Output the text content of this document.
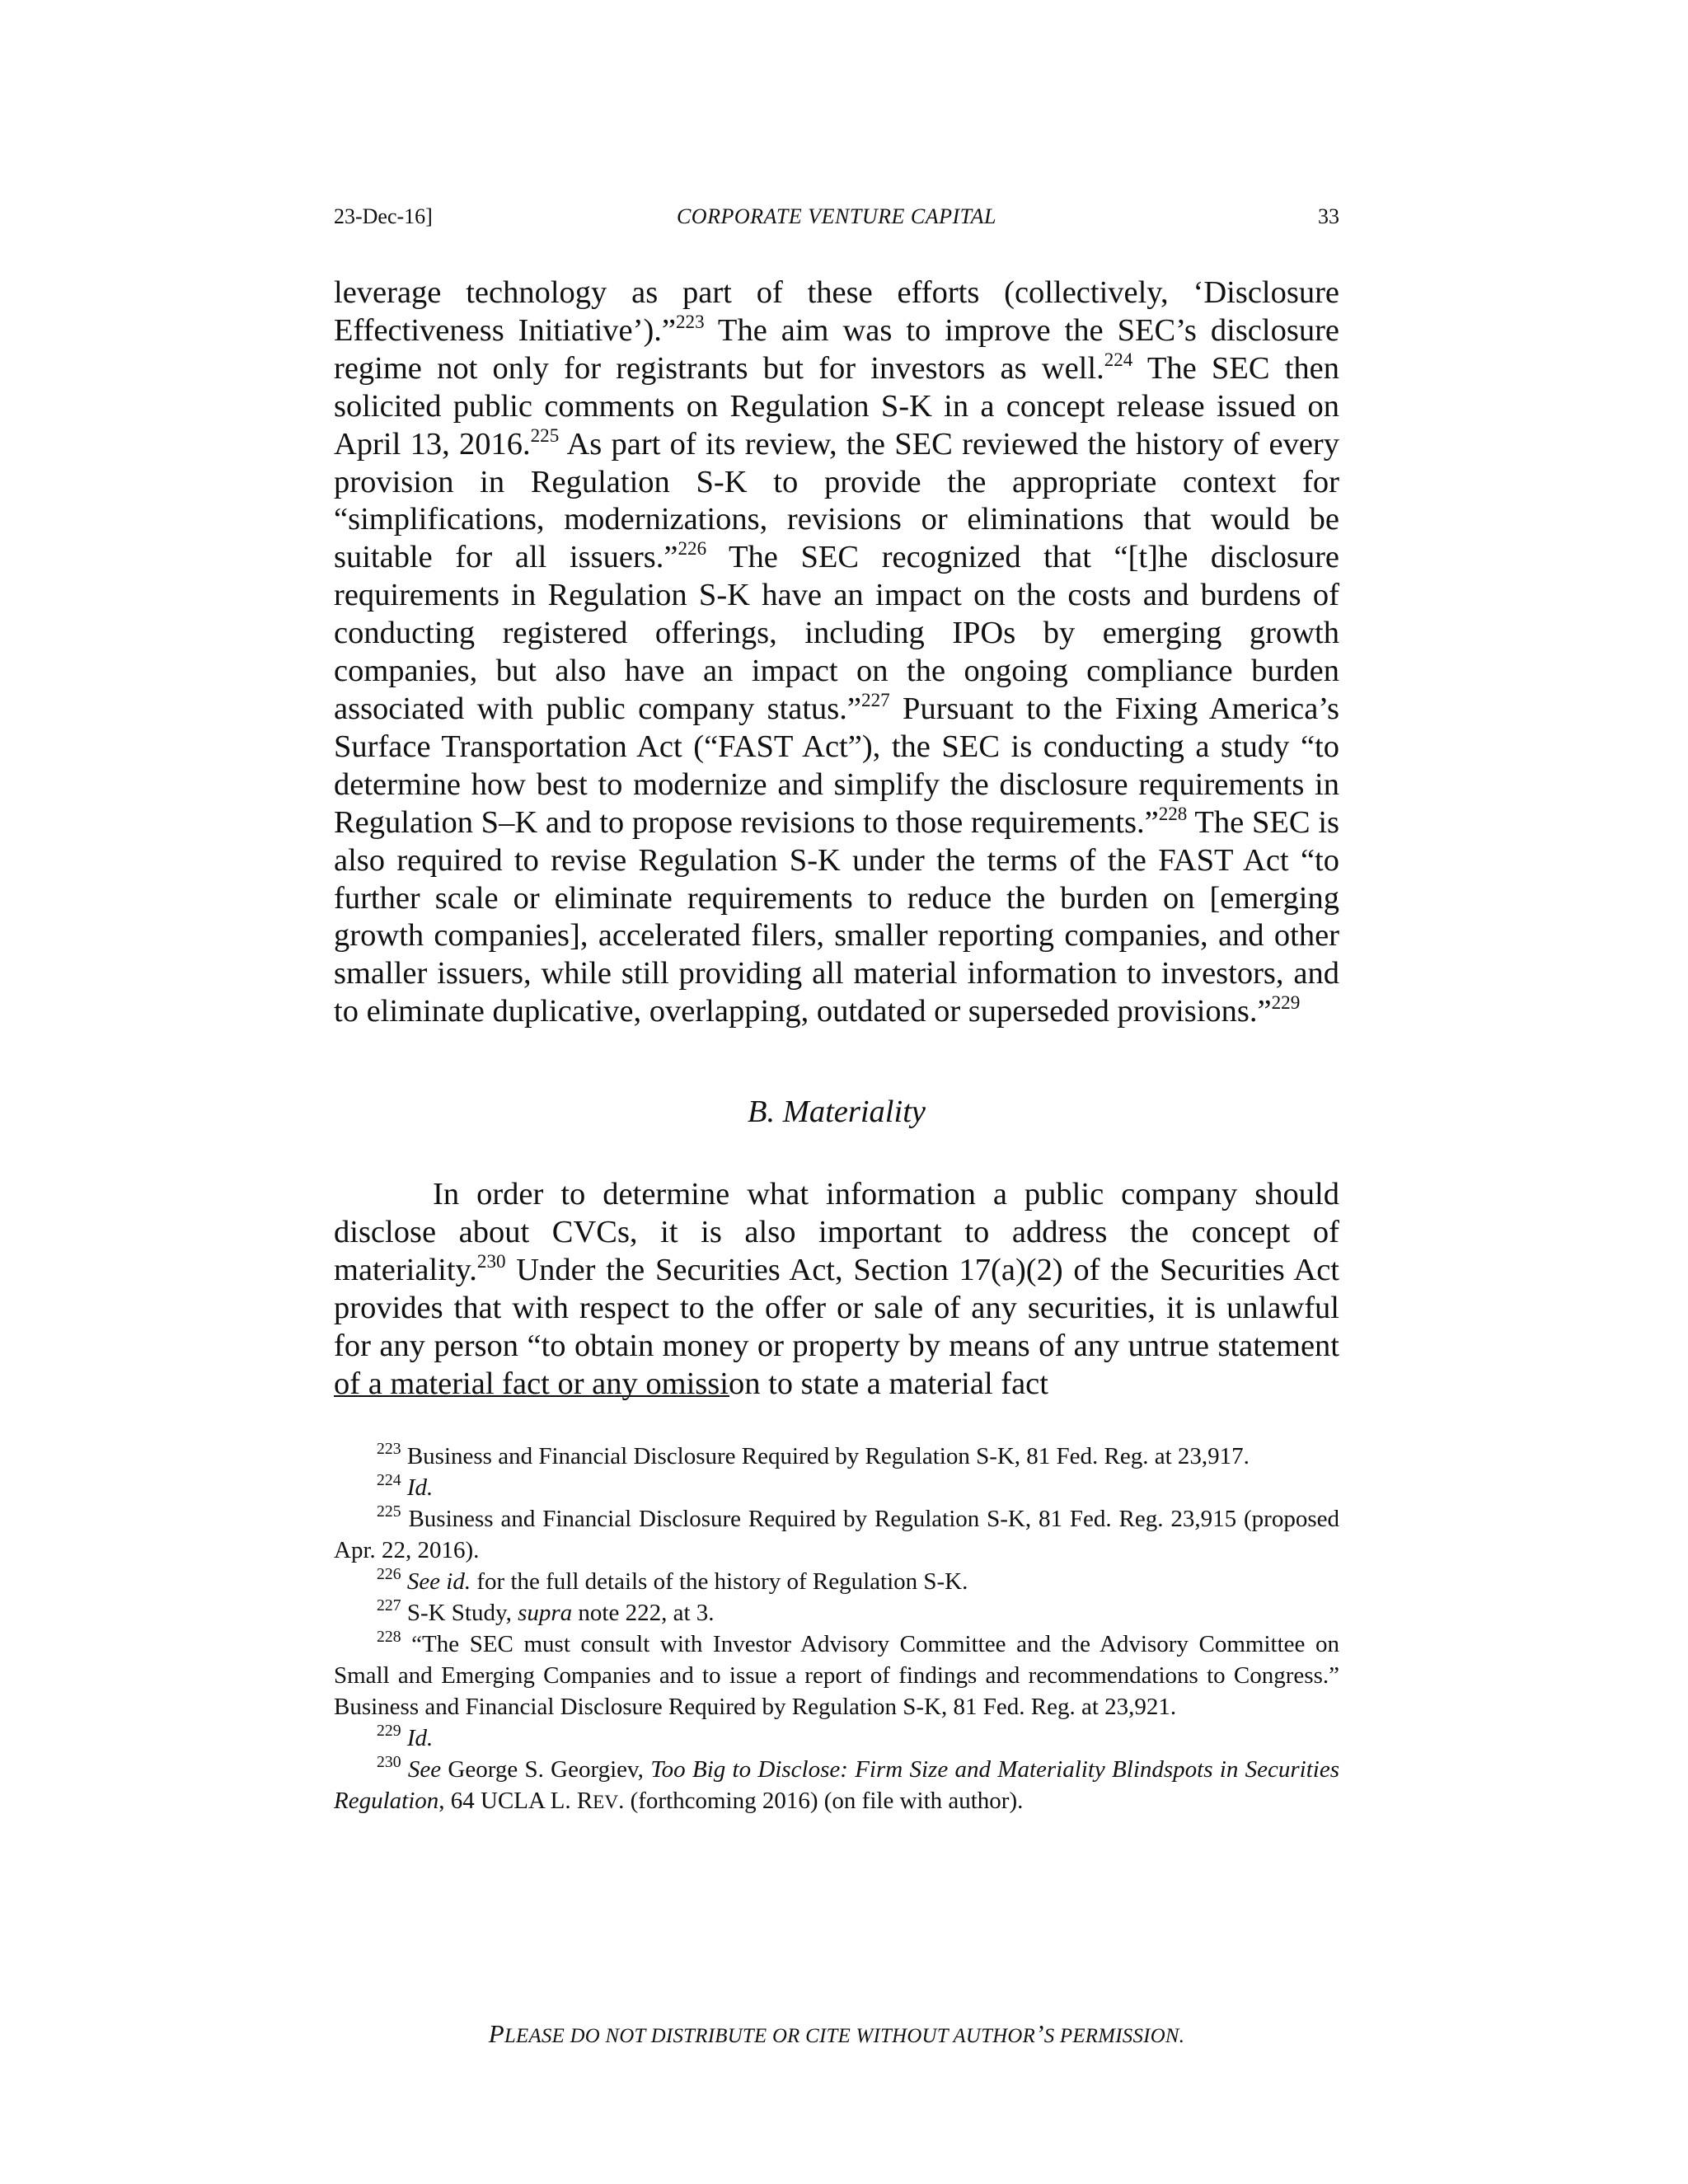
23-Dec-16]	CORPORATE VENTURE CAPITAL	33

leverage technology as part of these efforts (collectively, ‘Disclosure Effectiveness Initiative’).”$^{223}$ The aim was to improve the SEC’s disclosure regime not only for registrants but for investors as well.$^{224}$ The SEC then solicited public comments on Regulation S-K in a concept release issued on April 13, 2016.$^{225}$ As part of its review, the SEC reviewed the history of every provision in Regulation S-K to provide the appropriate context for “simplifications, modernizations, revisions or eliminations that would be suitable for all issuers.”$^{226}$ The SEC recognized that “[t]he disclosure requirements in Regulation S-K have an impact on the costs and burdens of conducting registered offerings, including IPOs by emerging growth companies, but also have an impact on the ongoing compliance burden associated with public company status.”$^{227}$ Pursuant to the Fixing America’s Surface Transportation Act (“FAST Act”), the SEC is conducting a study “to determine how best to modernize and simplify the disclosure requirements in Regulation S–K and to propose revisions to those requirements.”$^{228}$ The SEC is also required to revise Regulation S-K under the terms of the FAST Act “to further scale or eliminate requirements to reduce the burden on [emerging growth companies], accelerated filers, smaller reporting companies, and other smaller issuers, while still providing all material information to investors, and to eliminate duplicative, overlapping, outdated or superseded provisions.”$^{229}$

B. Materiality

In order to determine what information a public company should disclose about CVCs, it is also important to address the concept of materiality.$^{230}$ Under the Securities Act, Section 17(a)(2) of the Securities Act provides that with respect to the offer or sale of any securities, it is unlawful for any person “to obtain money or property by means of any untrue statement of a material fact or any omission to state a material fact

$^{223}$ Business and Financial Disclosure Required by Regulation S-K, 81 Fed. Reg. at 23,917.

$^{224}$ Id.

$^{225}$ Business and Financial Disclosure Required by Regulation S-K, 81 Fed. Reg. 23,915 (proposed Apr. 22, 2016).

$^{226}$ See id. for the full details of the history of Regulation S-K.

$^{227}$ S-K Study, supra note 222, at 3.

$^{228}$ “The SEC must consult with Investor Advisory Committee and the Advisory Committee on Small and Emerging Companies and to issue a report of findings and recommendations to Congress.” Business and Financial Disclosure Required by Regulation S-K, 81 Fed. Reg. at 23,921.

$^{229}$ Id.

$^{230}$ See George S. Georgiev, Too Big to Disclose: Firm Size and Materiality Blindspots in Securities Regulation, 64 UCLA L. REV. (forthcoming 2016) (on file with author).

PLEASE DO NOT DISTRIBUTE OR CITE WITHOUT AUTHOR’S PERMISSION.
